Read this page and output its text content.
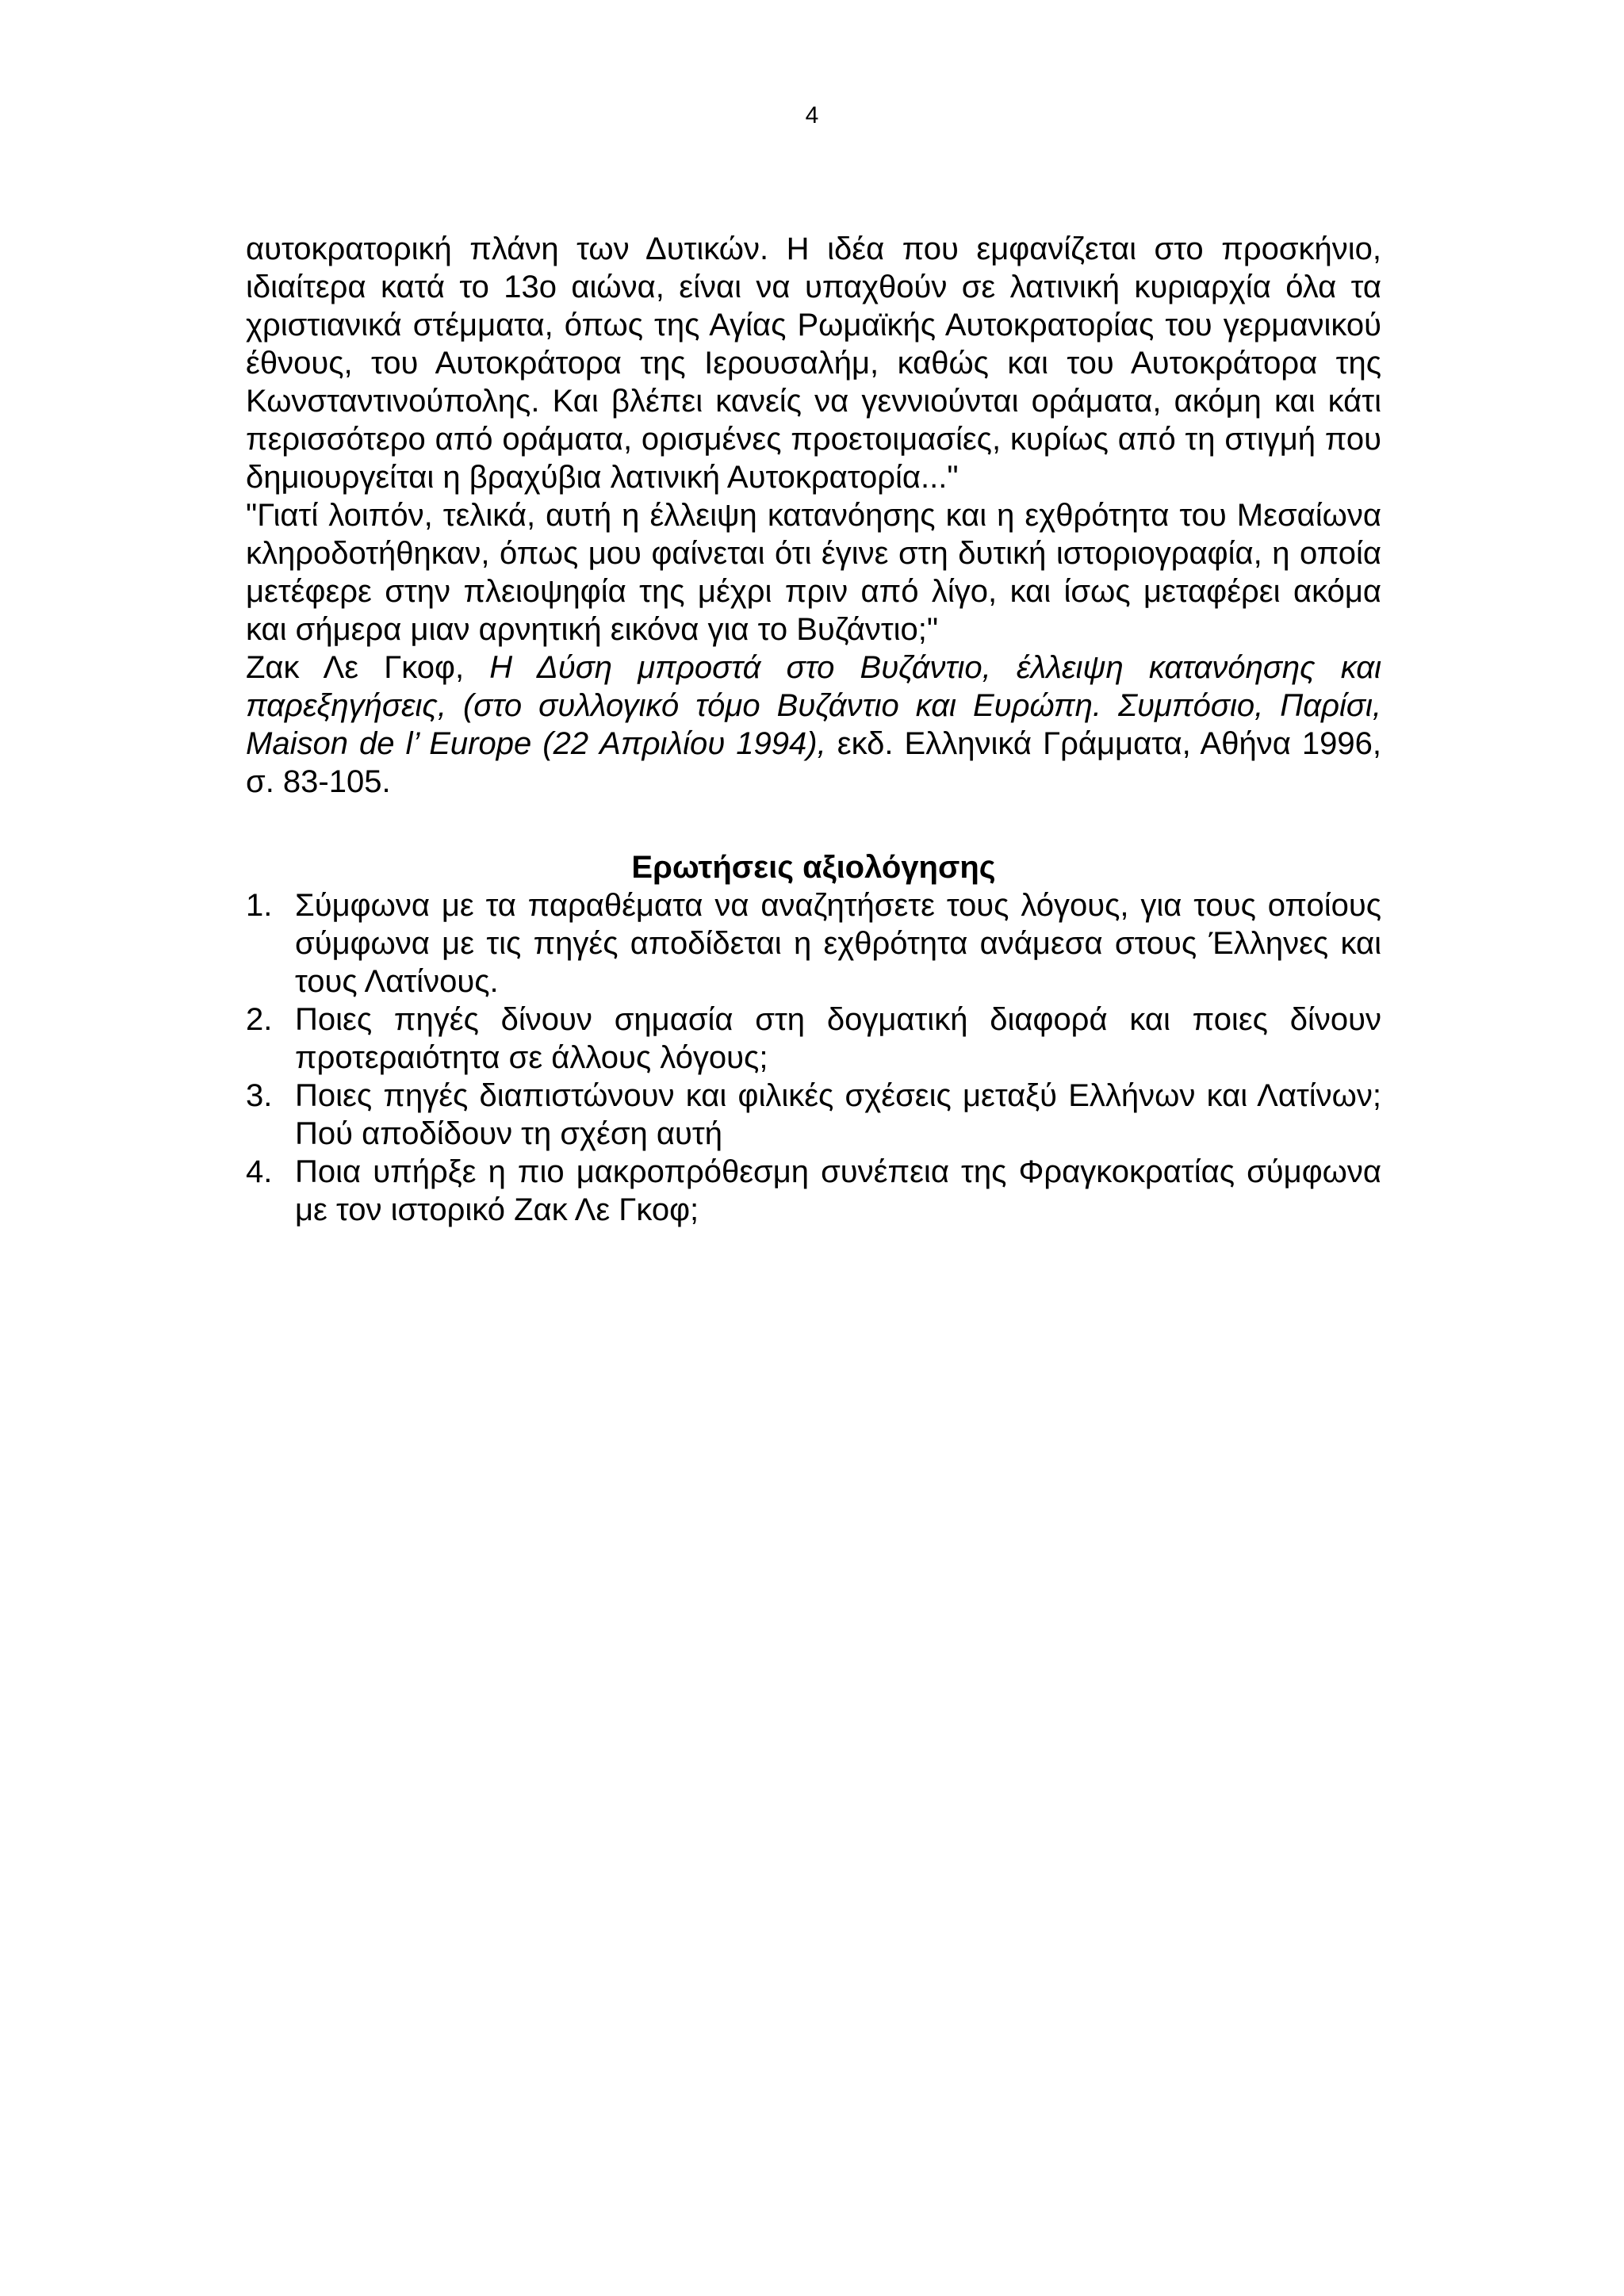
4

αυτοκρατορική πλάνη των Δυτικών. Η ιδέα που εμφανίζεται στο προσκήνιο, ιδιαίτερα κατά το 13ο αιώνα, είναι να υπαχθούν σε λατινική κυριαρχία όλα τα χριστιανικά στέμματα, όπως της Αγίας Ρωμαϊκής Αυτοκρατορίας του γερμανικού έθνους, του Αυτοκράτορα της Ιερουσαλήμ, καθώς και του Αυτοκράτορα της Κωνσταντινούπολης. Και βλέπει κανείς να γεννιούνται οράματα, ακόμη και κάτι περισσότερο από οράματα, ορισμένες προετοιμασίες, κυρίως από τη στιγμή που δημιουργείται η βραχύβια λατινική Αυτοκρατορία..."

"Γιατί λοιπόν, τελικά, αυτή η έλλειψη κατανόησης και η εχθρότητα του Μεσαίωνα κληροδοτήθηκαν, όπως μου φαίνεται ότι έγινε στη δυτική ιστοριογραφία, η οποία μετέφερε στην πλειοψηφία της μέχρι πριν από λίγο, και ίσως μεταφέρει ακόμα και σήμερα μιαν αρνητική εικόνα για το Βυζάντιο;"

Ζακ Λε Γκοφ, Η Δύση μπροστά στο Βυζάντιο, έλλειψη κατανόησης και παρεξηγήσεις, (στο συλλογικό τόμο Βυζάντιο και Ευρώπη. Συμπόσιο, Παρίσι, Maison de l’ Europe (22 Απριλίου 1994), εκδ. Ελληνικά Γράμματα, Αθήνα 1996, σ. 83-105.

Ερωτήσεις αξιολόγησης
1. Σύμφωνα με τα παραθέματα να αναζητήσετε τους λόγους, για τους οποίους σύμφωνα με τις πηγές αποδίδεται η εχθρότητα ανάμεσα στους Έλληνες και τους Λατίνους.
2. Ποιες πηγές δίνουν σημασία στη δογματική διαφορά και ποιες δίνουν προτεραιότητα σε άλλους λόγους;
3. Ποιες πηγές διαπιστώνουν και φιλικές σχέσεις μεταξύ Ελλήνων και Λατίνων; Πού αποδίδουν τη σχέση αυτή
4. Ποια υπήρξε η πιο μακροπρόθεσμη συνέπεια της Φραγκοκρατίας σύμφωνα με τον ιστορικό Ζακ Λε Γκοφ;
